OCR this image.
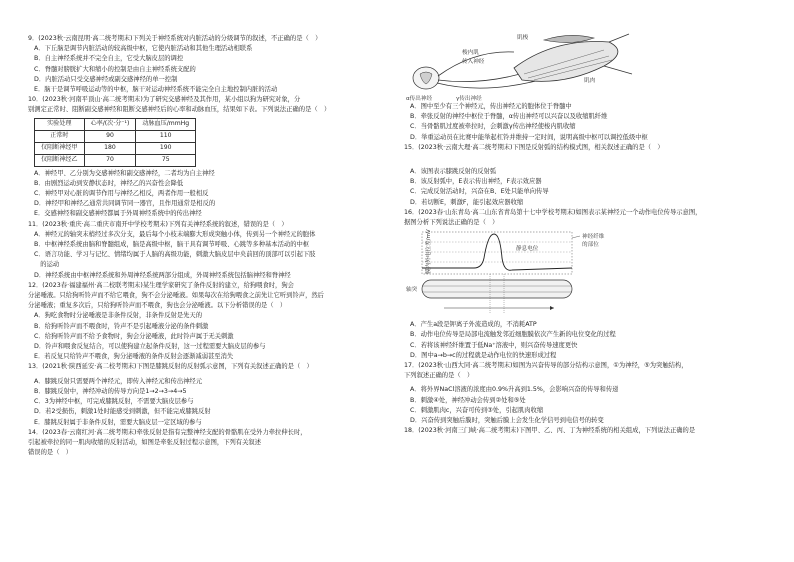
9．(2023秋·云南昆明·高二统考期末)下列关于神经系统对内脏活动的分级调节的叙述，不正确的是（　）

A．下丘脑是调节内脏活动的较高级中枢，它使内脏活动和其他生理活动相联系

B．自主神经系统并不完全自主，它受大脑皮层的调控

C．脊髓对膀胱扩大和缩小的控制是由自主神经系统支配的

D．内脏活动只受交感神经或副交感神经的单一控制

E．脑干是调节呼吸运动等的中枢，脑干对运动神经系统不能完全自主地控制内脏的活动

10．(2023秋·河南平顶山·高二统考期末)为了研究交感神经及其作用，某小组以狗为研究对象，分

别测定正常时、阻断副交感神经和阻断交感神经后的心率和动脉血压，结果如下表。下列说法正确的是（　）

实验处理	心率/(次·分⁻¹)	动脉血压/mmHg
正常时	90	110
仅阻断神经甲	180	190
仅阻断神经乙	70	75

A．神经甲、乙分别为交感神经和副交感神经，二者均为自主神经

B．由剧烈运动到安静状态时，神经乙的兴奋性会降低

C．神经甲对心脏的调节作用与神经乙相反，两者作用一般相反

D．神经甲和神经乙通常共同调节同一器官，且作用通常是相反的

E．交感神经和副交感神经都属于外周神经系统中的传出神经

11．(2023秋·重庆·高二重庆市南开中学校考期末)下列有关神经系统的叙述，错误的是（　）

A．神经元的轴突末梢经过多次分支，最后每个小枝末端膨大形成突触小体，传到另一个神经元的胞体

B．中枢神经系统由脑和脊髓组成，脑是高级中枢，脑干具有调节呼吸、心跳等多种基本活动的中枢

C．语言功能、学习与记忆、情绪均属于人脑的高级功能，刺激大脑皮层中央前回的顶部可以引起下肢

　的运动

D．神经系统由中枢神经系统和外周神经系统两部分组成，外周神经系统包括脑神经和脊神经

12．(2023春·福建福州·高二校联考期末)某生理学家研究了条件反射的建立，给狗喂食时，狗会

分泌唾液。只给狗听铃声而不给它喂食，狗不会分泌唾液。如果每次在给狗喂食之前先让它听到铃声，然后

分泌唾液；重复多次后，只给狗听铃声而不喂食，狗也会分泌唾液。以下分析错误的是（　）

A．狗吃食物时分泌唾液是非条件反射，非条件反射是先天的

B．给狗听铃声而不喂食时，铃声不是引起唾液分泌的条件刺激

C．给狗听铃声而不给予食物时，狗会分泌唾液，此时铃声属于无关刺激

D．铃声和喂食反复结合，可以使狗建立起条件反射，这一过程需要大脑皮层的参与

E．若反复只给铃声不喂食，狗分泌唾液的条件反射会逐渐减弱甚至消失

13．(2021秋·陕西延安·高二校考期末)下图是膝跳反射的反射弧示意图，下列有关叙述正确的是（　）

A．膝跳反射只需要两个神经元，即传入神经元和传出神经元

B．膝跳反射中，神经冲动的传导方向是1→2→3→4→5

C．3为神经中枢，可完成膝跳反射，不需要大脑皮层参与

D．若2受损伤，刺激1处时能感受到刺激，但不能完成膝跳反射

E．膝跳反射属于非条件反射，需要大脑皮层一定区域的参与

14．(2023春·云南红河·高二统考期末)牵张反射是指有完整神经支配的骨骼肌在受外力牵拉伸长时，

引起被牵拉的同一肌肉收缩的反射活动，如图是牵张反射过程示意图，下列有关叙述

错误的是（　）

肌梭
梭内肌
传入神经
肌肉
α传出神经	γ传出神经

A．图中至少有三个神经元，传出神经元的胞体位于脊髓中

B．牵张反射的神经中枢位于脊髓，α传出神经可以兴奋以及收缩肌纤维

C．当骨骼肌过度被牵拉时，会刺激γ传出神经使梭内肌收缩

D．举重运动员在比赛中能举起杠铃并维持一定时间，说明高级中枢可以调控低级中枢

15．(2023秋·云南大理·高二统考期末)下图是反射弧的结构模式图，相关叙述正确的是（　）

A．该图表示膝跳反射的反射弧

B．该反射弧中，E表示传出神经，F表示效应器

C．完成反射活动时，兴奋在B、E处只能单向传导

D．若切断E，刺激F，能引起效应器收缩

16．(2023春·山东青岛·高二山东省青岛第十七中学校考期末)如图表示某神经元一个动作电位传导示意图，

据图分析下列说法正确的是（　）

膜内外电位差/mV	静息电位
神经纤维
的部位
轴突

A．产生a段是钾离子外流造成的，不消耗ATP

B．动作电位传导是局部电流触发邻近细胞膜依次产生新的电位变化的过程

C．若将该神经纤维置于低Na⁺溶液中，则兴奋传导速度更快

D．图中a→b→c的过程就是动作电位的快速形成过程

17．(2023秋·山西大同·高二统考期末)如图为兴奋传导的部分结构示意图，①为神经，⑤为突触结构，

下列叙述正确的是（　）

A．将外界NaCl溶液的浓度由0.9%升高到1.5%，会影响兴奋的传导和传递

B．刺激④处，神经冲动会传到②处和⑤处

C．刺激肌肉c，兴奋可传到③处，引起肌肉收缩

D．兴奋传到突触后膜时，突触后膜上会发生化学信号到电信号的转变

18．(2023秋·河南三门峡·高二统考期末)下图甲、乙、丙、丁为神经系统的相关组成，下列说法正确的是
